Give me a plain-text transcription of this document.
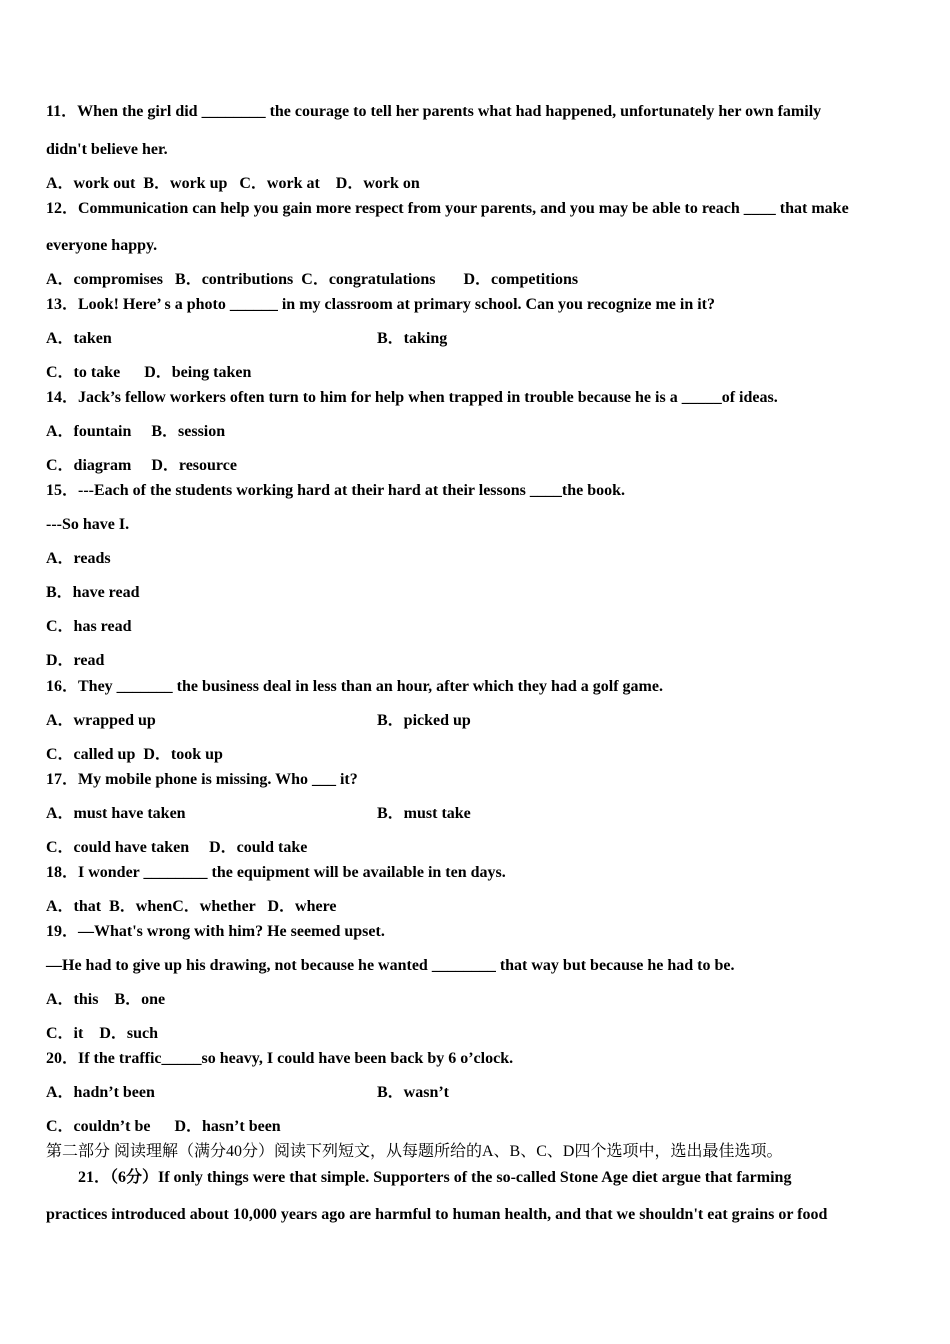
11．When the girl did ________ the courage to tell her parents what had happened, unfortunately her own family
didn't believe her.
A．work out  B．work up   C．work at    D．work on
12．Communication can help you gain more respect from your parents, and you may be able to reach ____ that make
everyone happy.
A．compromises   B．contributions  C．congratulations       D．competitions
13．Look! Here’ s a photo ______ in my classroom at primary school. Can you recognize me in it?
A．taken	B．taking
C．to take      D．being taken
14．Jack’s fellow workers often turn to him for help when trapped in trouble because he is a _____of ideas.
A．fountain     B．session
C．diagram     D．resource
15．---Each of the students working hard at their hard at their lessons ____the book.
---So have I.
A．reads
B．have read
C．has read
D．read
16．They _______ the business deal in less than an hour, after which they had a golf game.
A．wrapped up	B．picked up
C．called up  D．took up
17．My mobile phone is missing. Who ___ it?
A．must have taken	B．must take
C．could have taken     D．could take
18．I wonder ________ the equipment will be available in ten days.
A．that  B．whenC．whether   D．where
19．—What's wrong with him? He seemed upset.
—He had to give up his drawing, not because he wanted ________ that way but because he had to be.
A．this    B．one
C．it    D．such
20．If the traffic_____so heavy, I could have been back by 6 o’clock.
A．hadn’t been	B．wasn’t
C．couldn’t be      D．hasn’t been
第二部分 阅读理解（满分40分）阅读下列短文，从每题所给的A、B、C、D四个选项中，选出最佳选项。
21．（6分）If only things were that simple. Supporters of the so-called Stone Age diet argue that farming
practices introduced about 10,000 years ago are harmful to human health, and that we shouldn't eat grains or food
